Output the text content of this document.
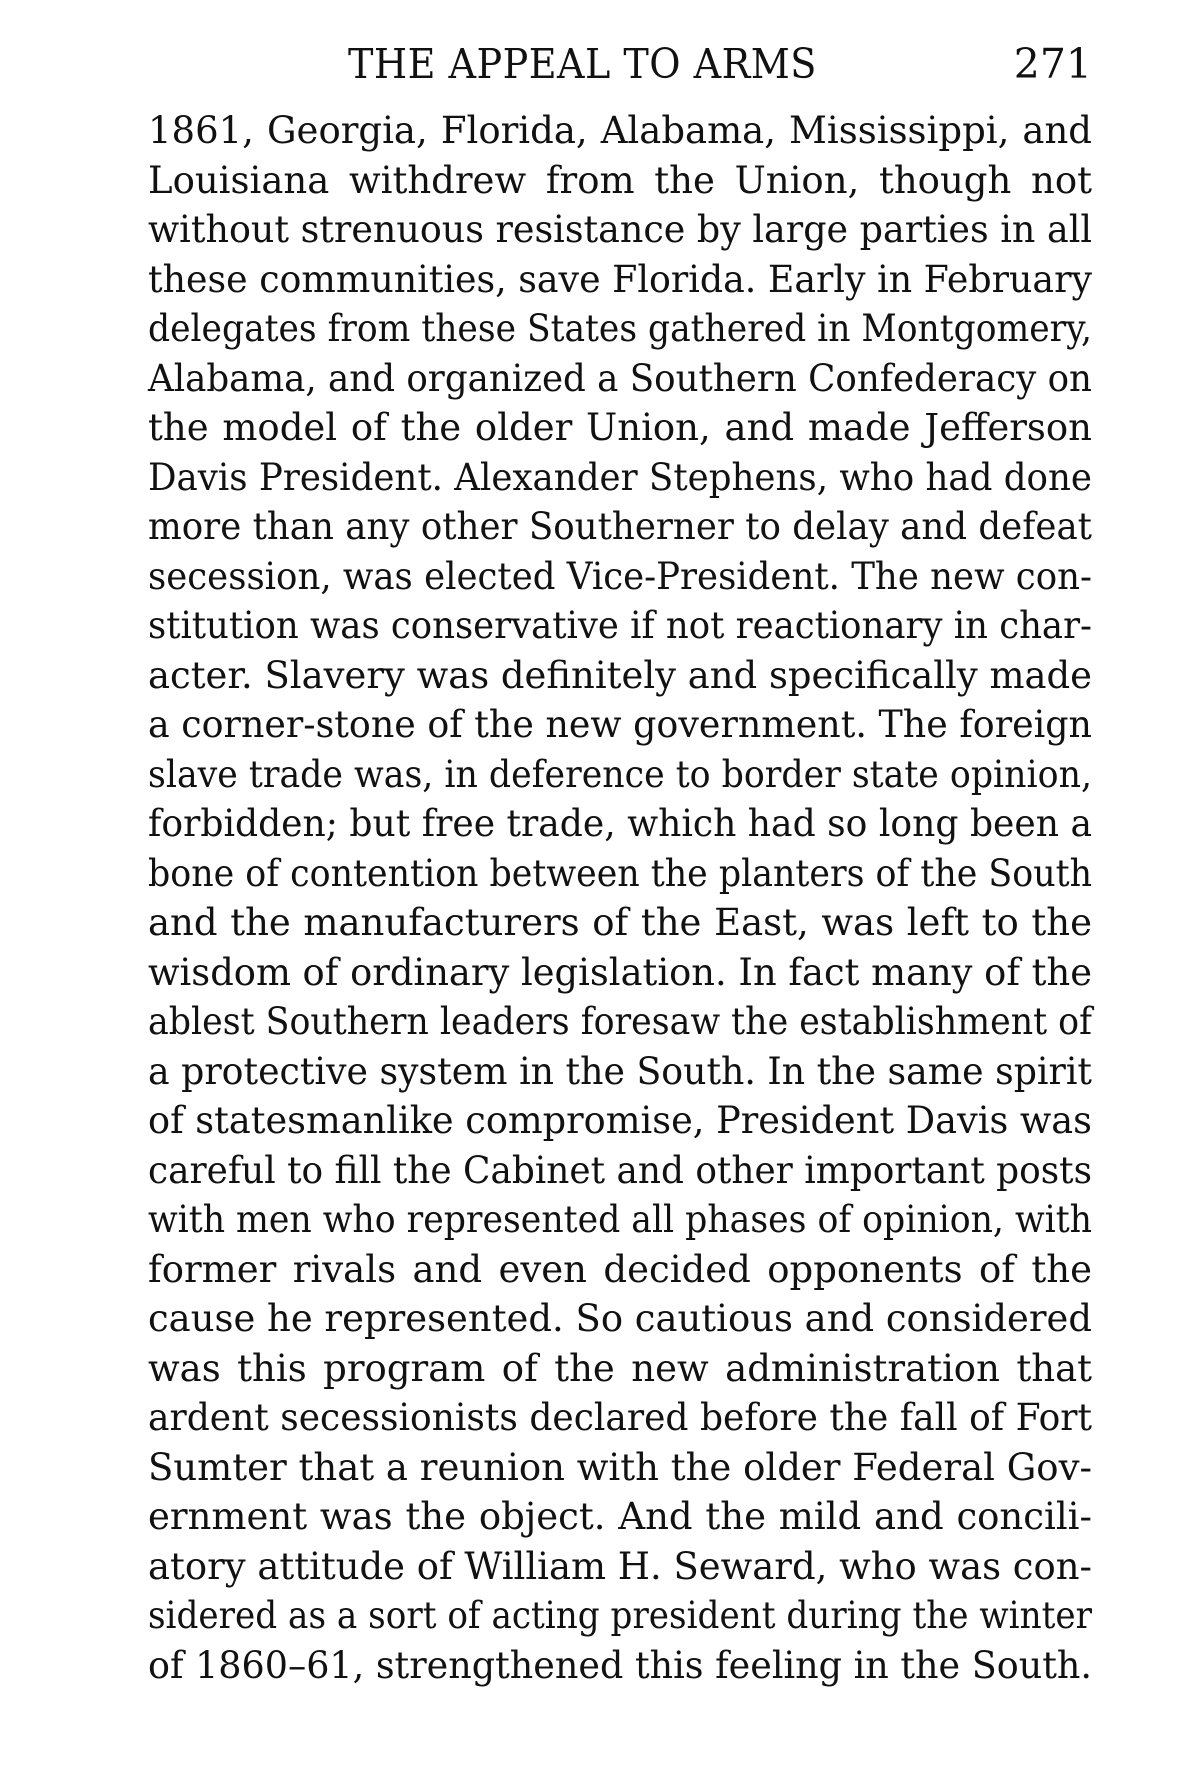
THE APPEAL TO ARMS	271
1861, Georgia, Florida, Alabama, Mississippi, and
Louisiana withdrew from the Union, though not
without strenuous resistance by large parties in all
these communities, save Florida. Early in February
delegates from these States gathered in Montgomery,
Alabama, and organized a Southern Confederacy on
the model of the older Union, and made Jefferson
Davis President. Alexander Stephens, who had done
more than any other Southerner to delay and defeat
secession, was elected Vice-President. The new con-
stitution was conservative if not reactionary in char-
acter. Slavery was definitely and specifically made
a corner-stone of the new government. The foreign
slave trade was, in deference to border state opinion,
forbidden; but free trade, which had so long been a
bone of contention between the planters of the South
and the manufacturers of the East, was left to the
wisdom of ordinary legislation. In fact many of the
ablest Southern leaders foresaw the establishment of
a protective system in the South. In the same spirit
of statesmanlike compromise, President Davis was
careful to fill the Cabinet and other important posts
with men who represented all phases of opinion, with
former rivals and even decided opponents of the
cause he represented. So cautious and considered
was this program of the new administration that
ardent secessionists declared before the fall of Fort
Sumter that a reunion with the older Federal Gov-
ernment was the object. And the mild and concili-
atory attitude of William H. Seward, who was con-
sidered as a sort of acting president during the winter
of 1860–61, strengthened this feeling in the South.
